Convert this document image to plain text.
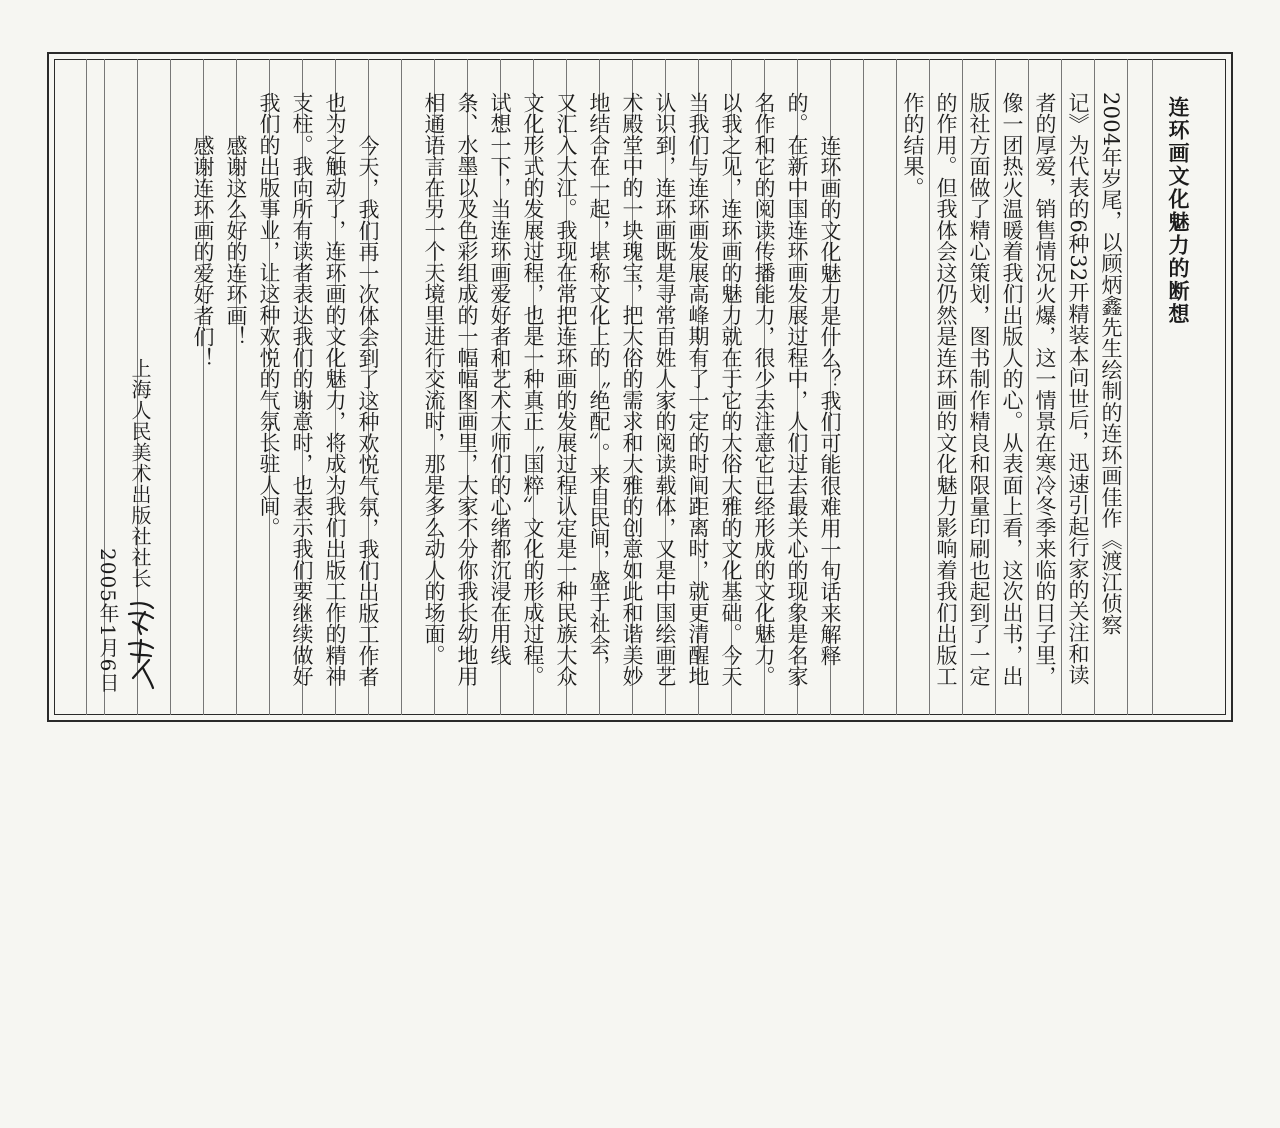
连环画文化魅力的断想
2004年岁尾，以顾炳鑫先生绘制的连环画佳作《渡江侦察
记》为代表的6种32开精装本问世后，迅速引起行家的关注和读
者的厚爱，销售情况火爆，这一情景在寒冷冬季来临的日子里，
像一团热火温暖着我们出版人的心。从表面上看，这次出书，出
版社方面做了精心策划，图书制作精良和限量印刷也起到了一定
的作用。但我体会这仍然是连环画的文化魅力影响着我们出版工
作的结果。
连环画的文化魅力是什么？我们可能很难用一句话来解释
的。在新中国连环画发展过程中，人们过去最关心的现象是名家
名作和它的阅读传播能力，很少去注意它已经形成的文化魅力。
以我之见，连环画的魅力就在于它的大俗大雅的文化基础。今天
当我们与连环画发展高峰期有了一定的时间距离时，就更清醒地
认识到，连环画既是寻常百姓人家的阅读载体，又是中国绘画艺
术殿堂中的一块瑰宝，把大俗的需求和大雅的创意如此和谐美妙
地结合在一起，堪称文化上的〝绝配〞。来自民间，盛于社会，
又汇入大江。我现在常把连环画的发展过程认定是一种民族大众
文化形式的发展过程，也是一种真正〝国粹〞文化的形成过程。
试想一下，当连环画爱好者和艺术大师们的心绪都沉浸在用线
条、水墨以及色彩组成的一幅幅图画里，大家不分你我长幼地用
相通语言在另一个天境里进行交流时，那是多么动人的场面。
今天，我们再一次体会到了这种欢悦气氛，我们出版工作者
也为之触动了，连环画的文化魅力，将成为我们出版工作的精神
支柱。我向所有读者表达我们的谢意时，也表示我们要继续做好
我们的出版事业，让这种欢悦的气氛长驻人间。
感谢这么好的连环画！
感谢连环画的爱好者们！
上海人民美术出版社社长
2005年1月6日
